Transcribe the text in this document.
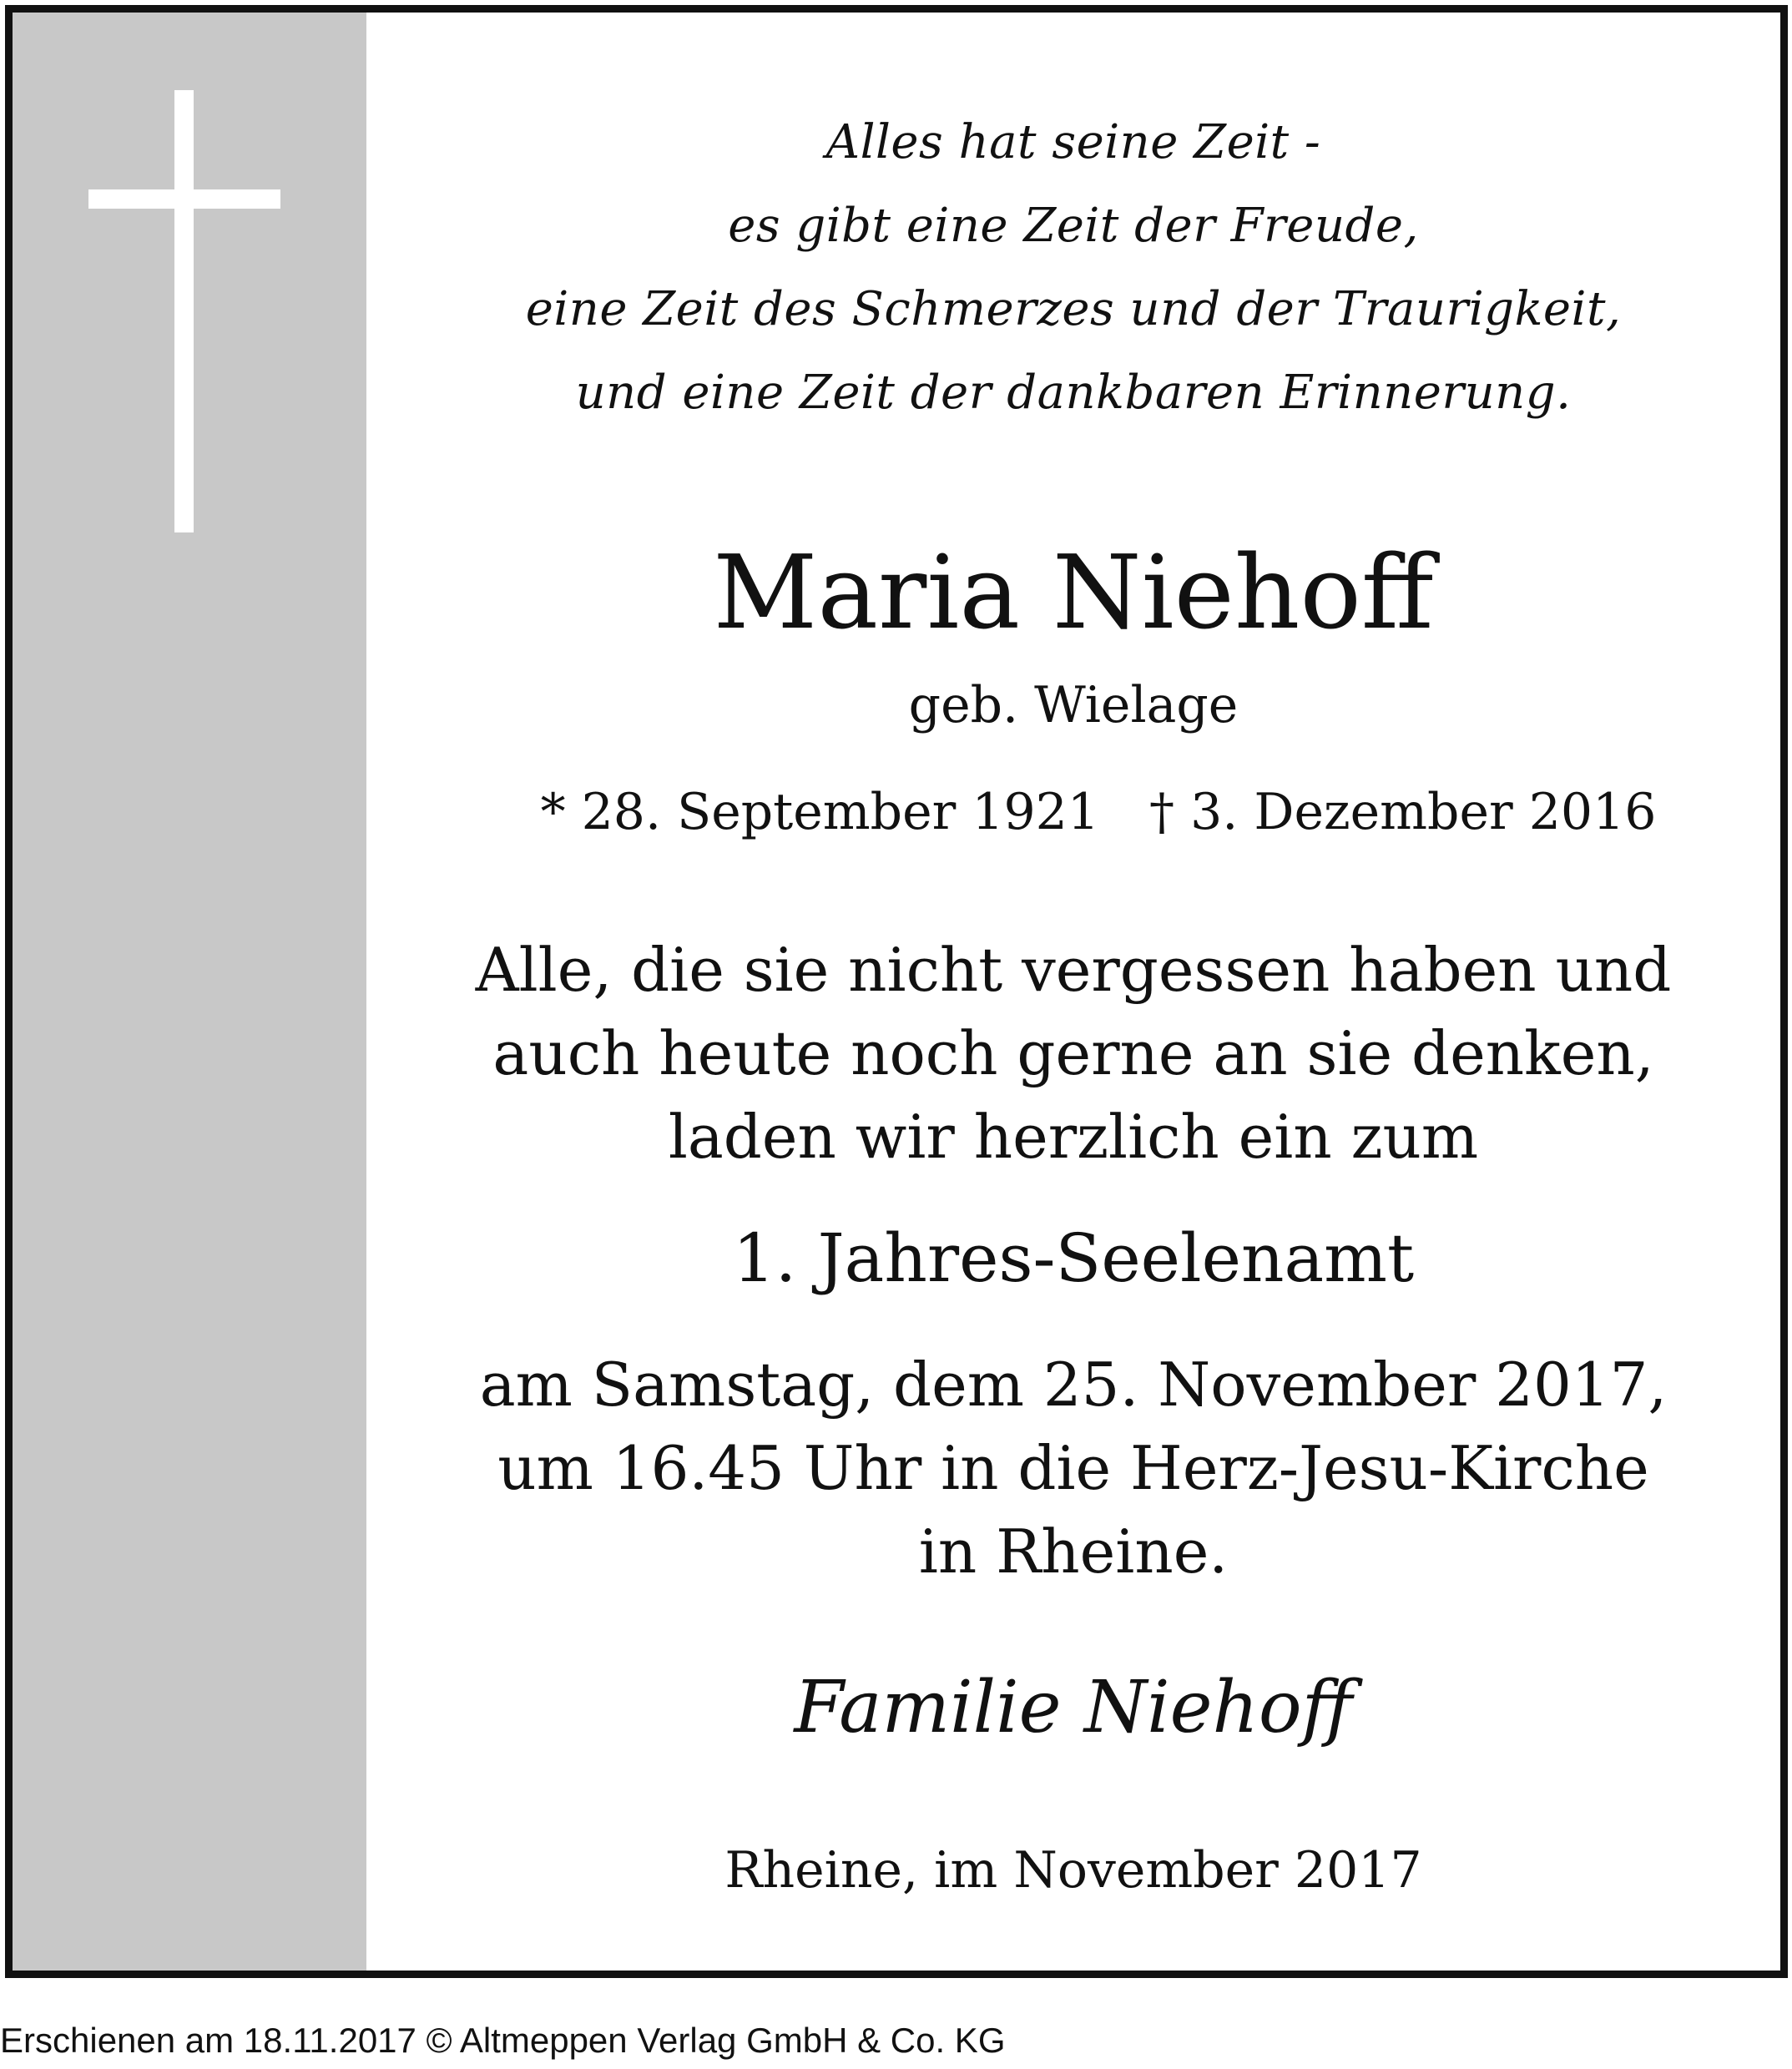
Alles hat seine Zeit -
es gibt eine Zeit der Freude,
eine Zeit des Schmerzes und der Traurigkeit,
und eine Zeit der dankbaren Erinnerung.
Maria Niehoff
geb. Wielage
* 28. September 1921 † 3. Dezember 2016
Alle, die sie nicht vergessen haben und
auch heute noch gerne an sie denken,
laden wir herzlich ein zum
1. Jahres-Seelenamt
am Samstag, dem 25. November 2017,
um 16.45 Uhr in die Herz-Jesu-Kirche
in Rheine.
Familie Niehoff
Rheine, im November 2017
Erschienen am 18.11.2017 © Altmeppen Verlag GmbH & Co. KG
